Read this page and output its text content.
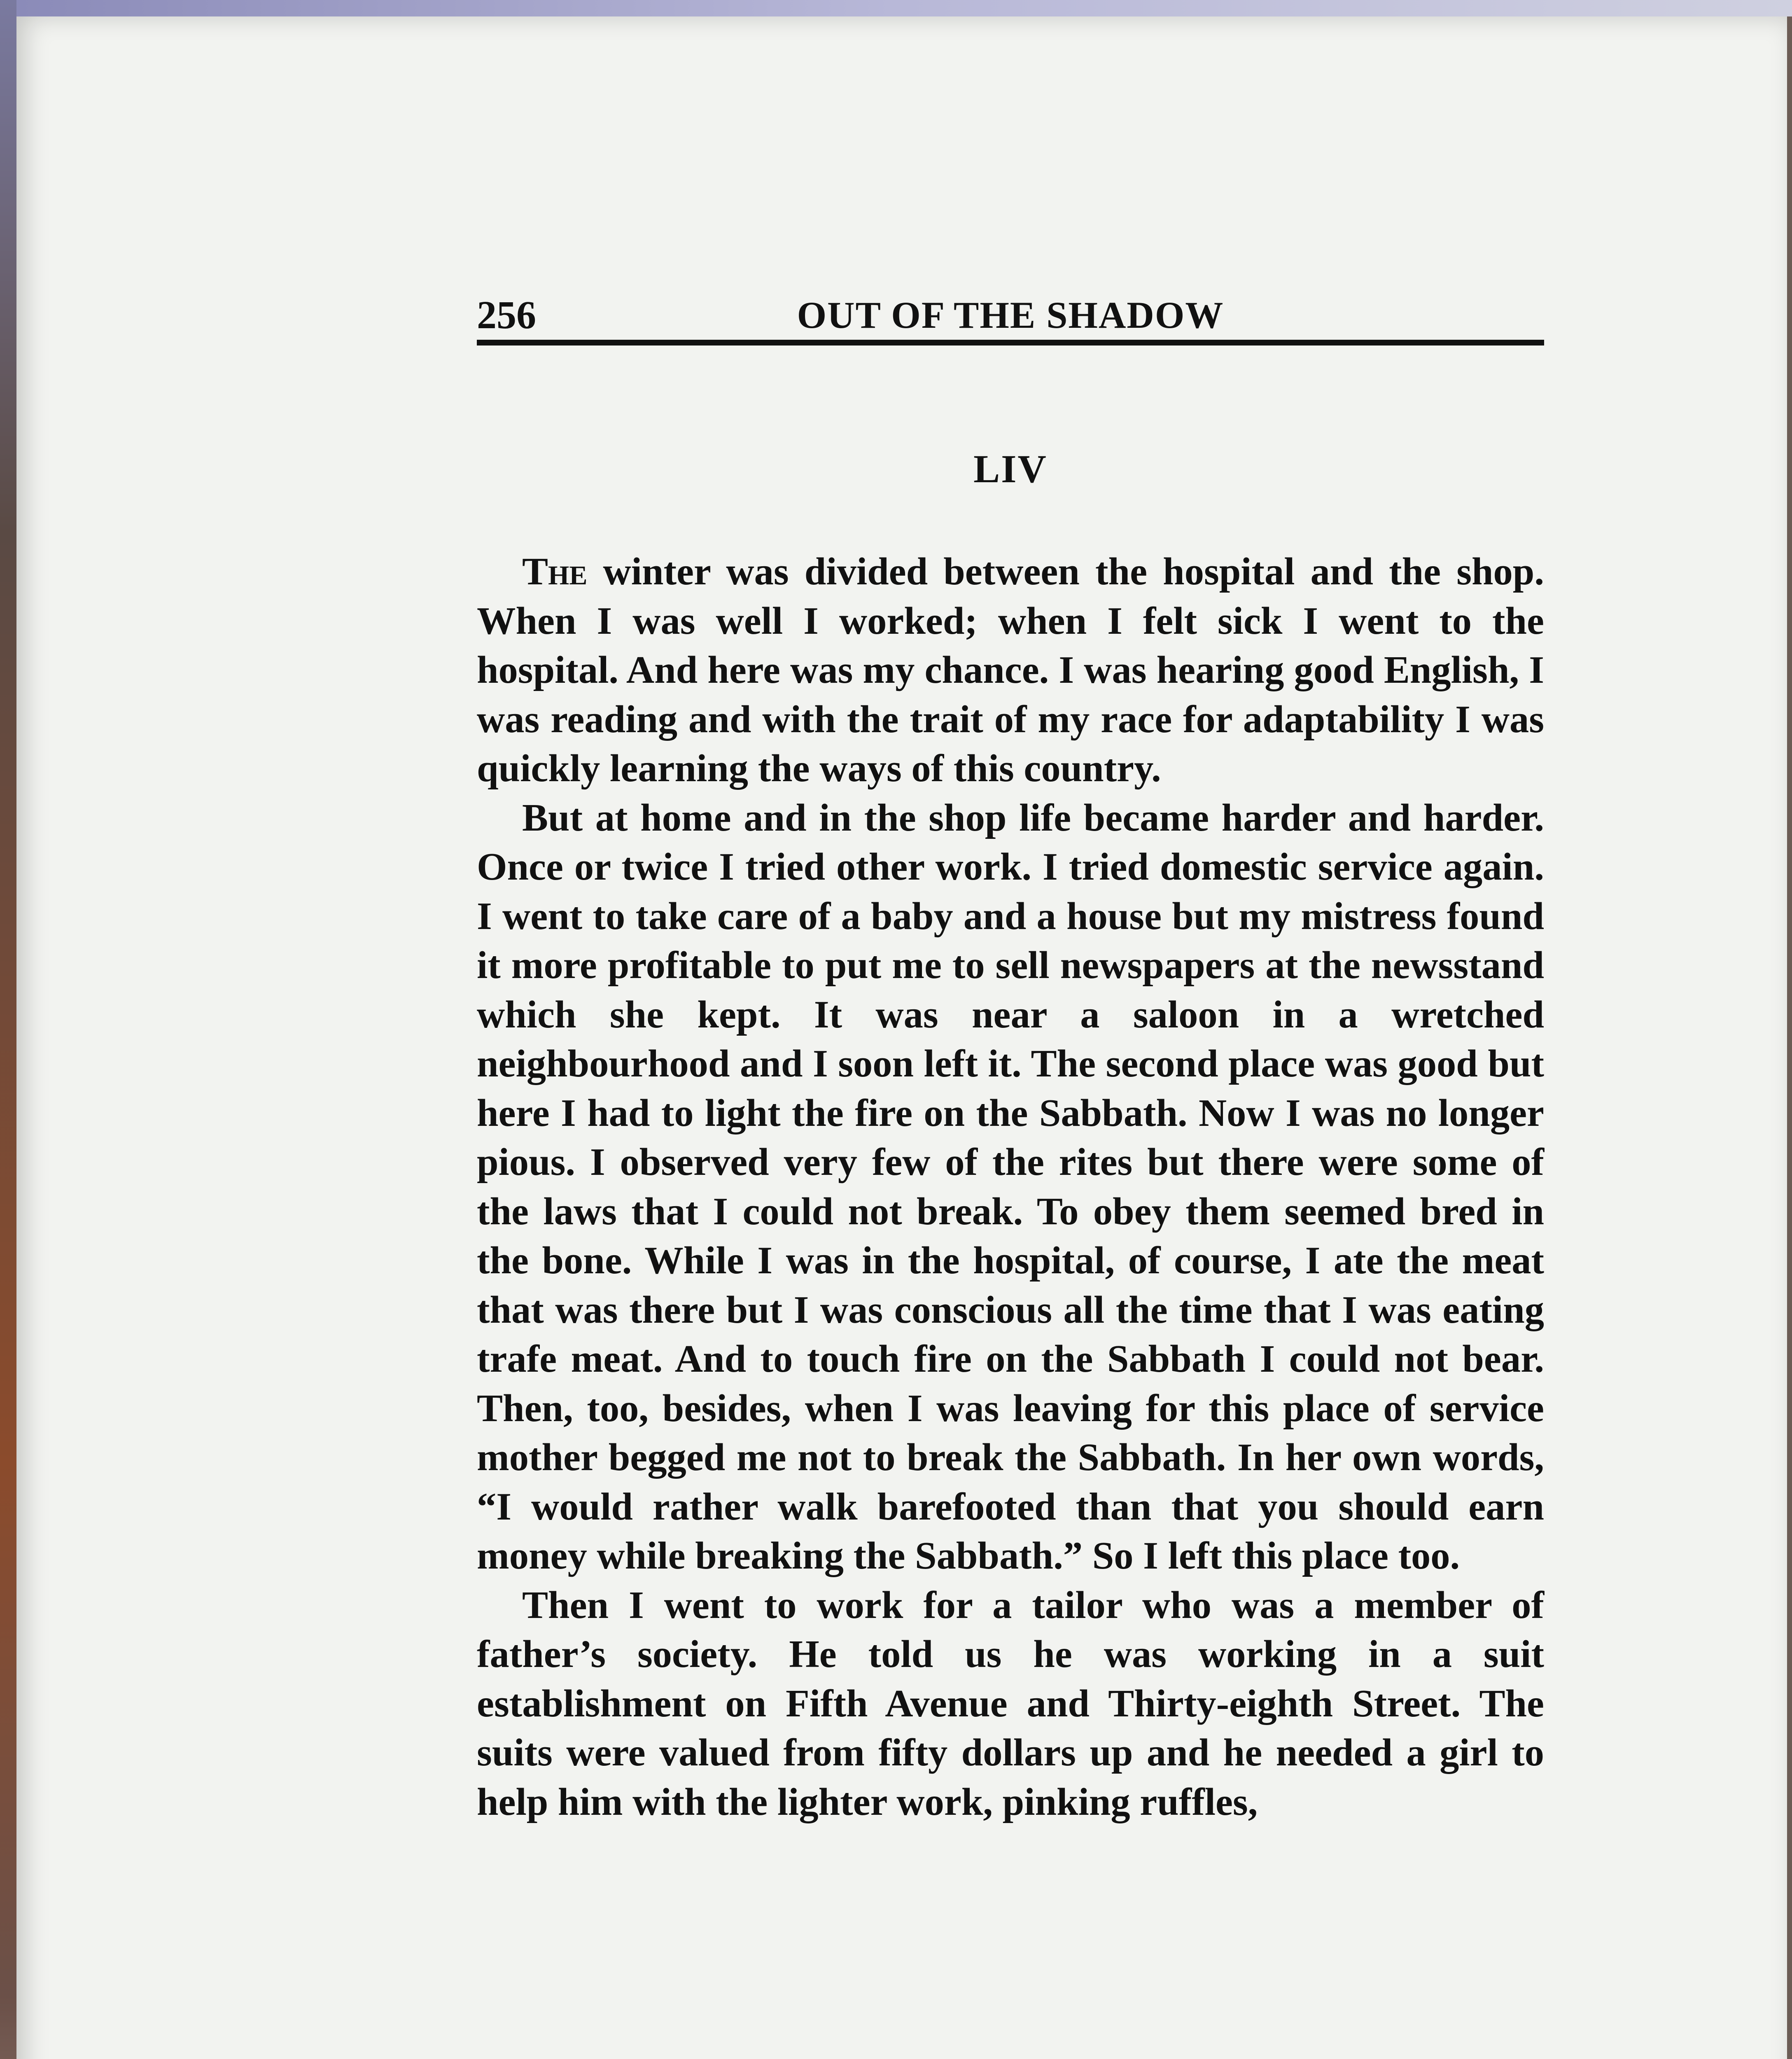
256	OUT OF THE SHADOW
LIV

The winter was divided between the hospital and the shop. When I was well I worked; when I felt sick I went to the hospital. And here was my chance. I was hearing good English, I was reading and with the trait of my race for adaptability I was quickly learning the ways of this country.

But at home and in the shop life became harder and harder. Once or twice I tried other work. I tried domestic service again. I went to take care of a baby and a house but my mistress found it more profitable to put me to sell newspapers at the newsstand which she kept. It was near a saloon in a wretched neighbourhood and I soon left it. The second place was good but here I had to light the fire on the Sabbath. Now I was no longer pious. I observed very few of the rites but there were some of the laws that I could not break. To obey them seemed bred in the bone. While I was in the hospital, of course, I ate the meat that was there but I was conscious all the time that I was eating trafe meat. And to touch fire on the Sabbath I could not bear. Then, too, besides, when I was leaving for this place of service mother begged me not to break the Sabbath. In her own words, “I would rather walk barefooted than that you should earn money while breaking the Sabbath.” So I left this place too.

Then I went to work for a tailor who was a member of father’s society. He told us he was working in a suit establishment on Fifth Avenue and Thirty-eighth Street. The suits were valued from fifty dollars up and he needed a girl to help him with the lighter work, pinking ruffles,
